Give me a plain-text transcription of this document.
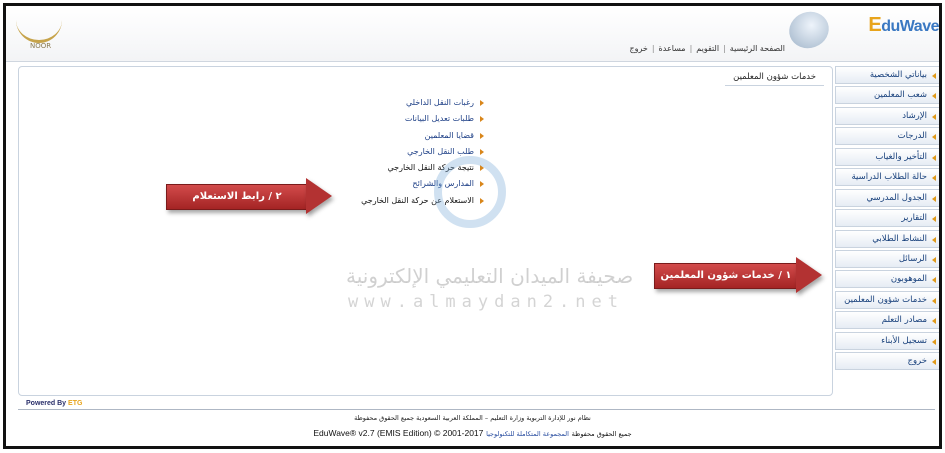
NOOR
EduWave
الصفحة الرئيسية|التقويم|مساعدة|خروج
بياناتي الشخصية
شعب المعلمين
الإرشاد
الدرجات
التأخير والغياب
حالة الطلاب الدراسية
الجدول المدرسي
التقارير
النشاط الطلابي
الرسائل
الموهوبون
خدمات شؤون المعلمين
مصادر التعلم
تسجيل الأبناء
خروج
خدمات شؤون المعلمين
رغبات النقل الداخلي
طلبات تعديل البيانات
قضايا المعلمين
طلب النقل الخارجي
نتيجة حركة النقل الخارجي
المدارس والشرائح
الاستعلام عن حركة النقل الخارجي
صحيفة الميدان التعليمي الإلكترونية
www.almaydan2.net
٢ / رابط الاستعلام
١ / خدمات شؤون المعلمين
Powered By ETG
نظام نور للإدارة التربوية وزارة التعليم – المملكة العربية السعودية جميع الحقوق محفوظة
جميع الحقوق محفوظة المجموعة المتكاملة للتكنولوجيا EduWave® v2.7 (EMIS Edition) © 2001-2017
